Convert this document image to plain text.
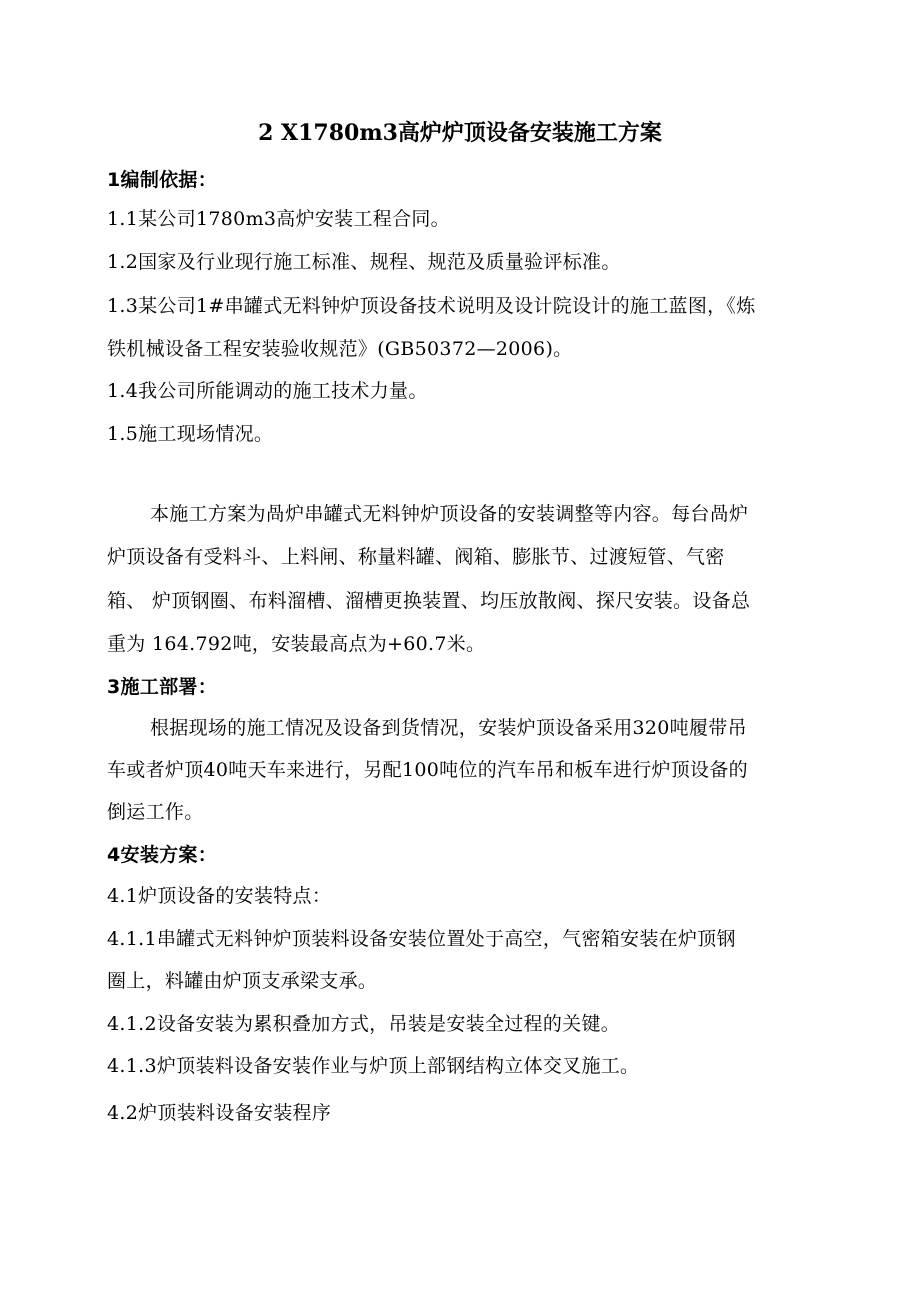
2 X1780m3高炉炉顶设备安装施工方案
1编制依据：
1.1某公司1780m3高炉安装工程合同。
1.2国家及行业现行施工标准、规程、规范及质量验评标准。
1.3某公司1#串罐式无料钟炉顶设备技术说明及设计院设计的施工蓝图，《炼
铁机械设备工程安装验收规范》(GB50372—2006)。
1.4我公司所能调动的施工技术力量。
1.5施工现场情况。
本施工方案为咼炉串罐式无料钟炉顶设备的安装调整等内容。每台咼炉
炉顶设备有受料斗、上料闸、称量料罐、阀箱、膨胀节、过渡短管、气密
箱、 炉顶钢圈、布料溜槽、溜槽更换装置、均压放散阀、探尺安装。设备总
重为 164.792吨，安装最高点为+60.7米。
3施工部署：
根据现场的施工情况及设备到货情况，安装炉顶设备采用320吨履带吊
车或者炉顶40吨天车来进行，另配100吨位的汽车吊和板车进行炉顶设备的
倒运工作。
4安装方案：
4.1炉顶设备的安装特点：
4.1.1串罐式无料钟炉顶装料设备安装位置处于高空，气密箱安装在炉顶钢
圈上，料罐由炉顶支承梁支承。
4.1.2设备安装为累积叠加方式，吊装是安装全过程的关键。
4.1.3炉顶装料设备安装作业与炉顶上部钢结构立体交叉施工。
4.2炉顶装料设备安装程序
